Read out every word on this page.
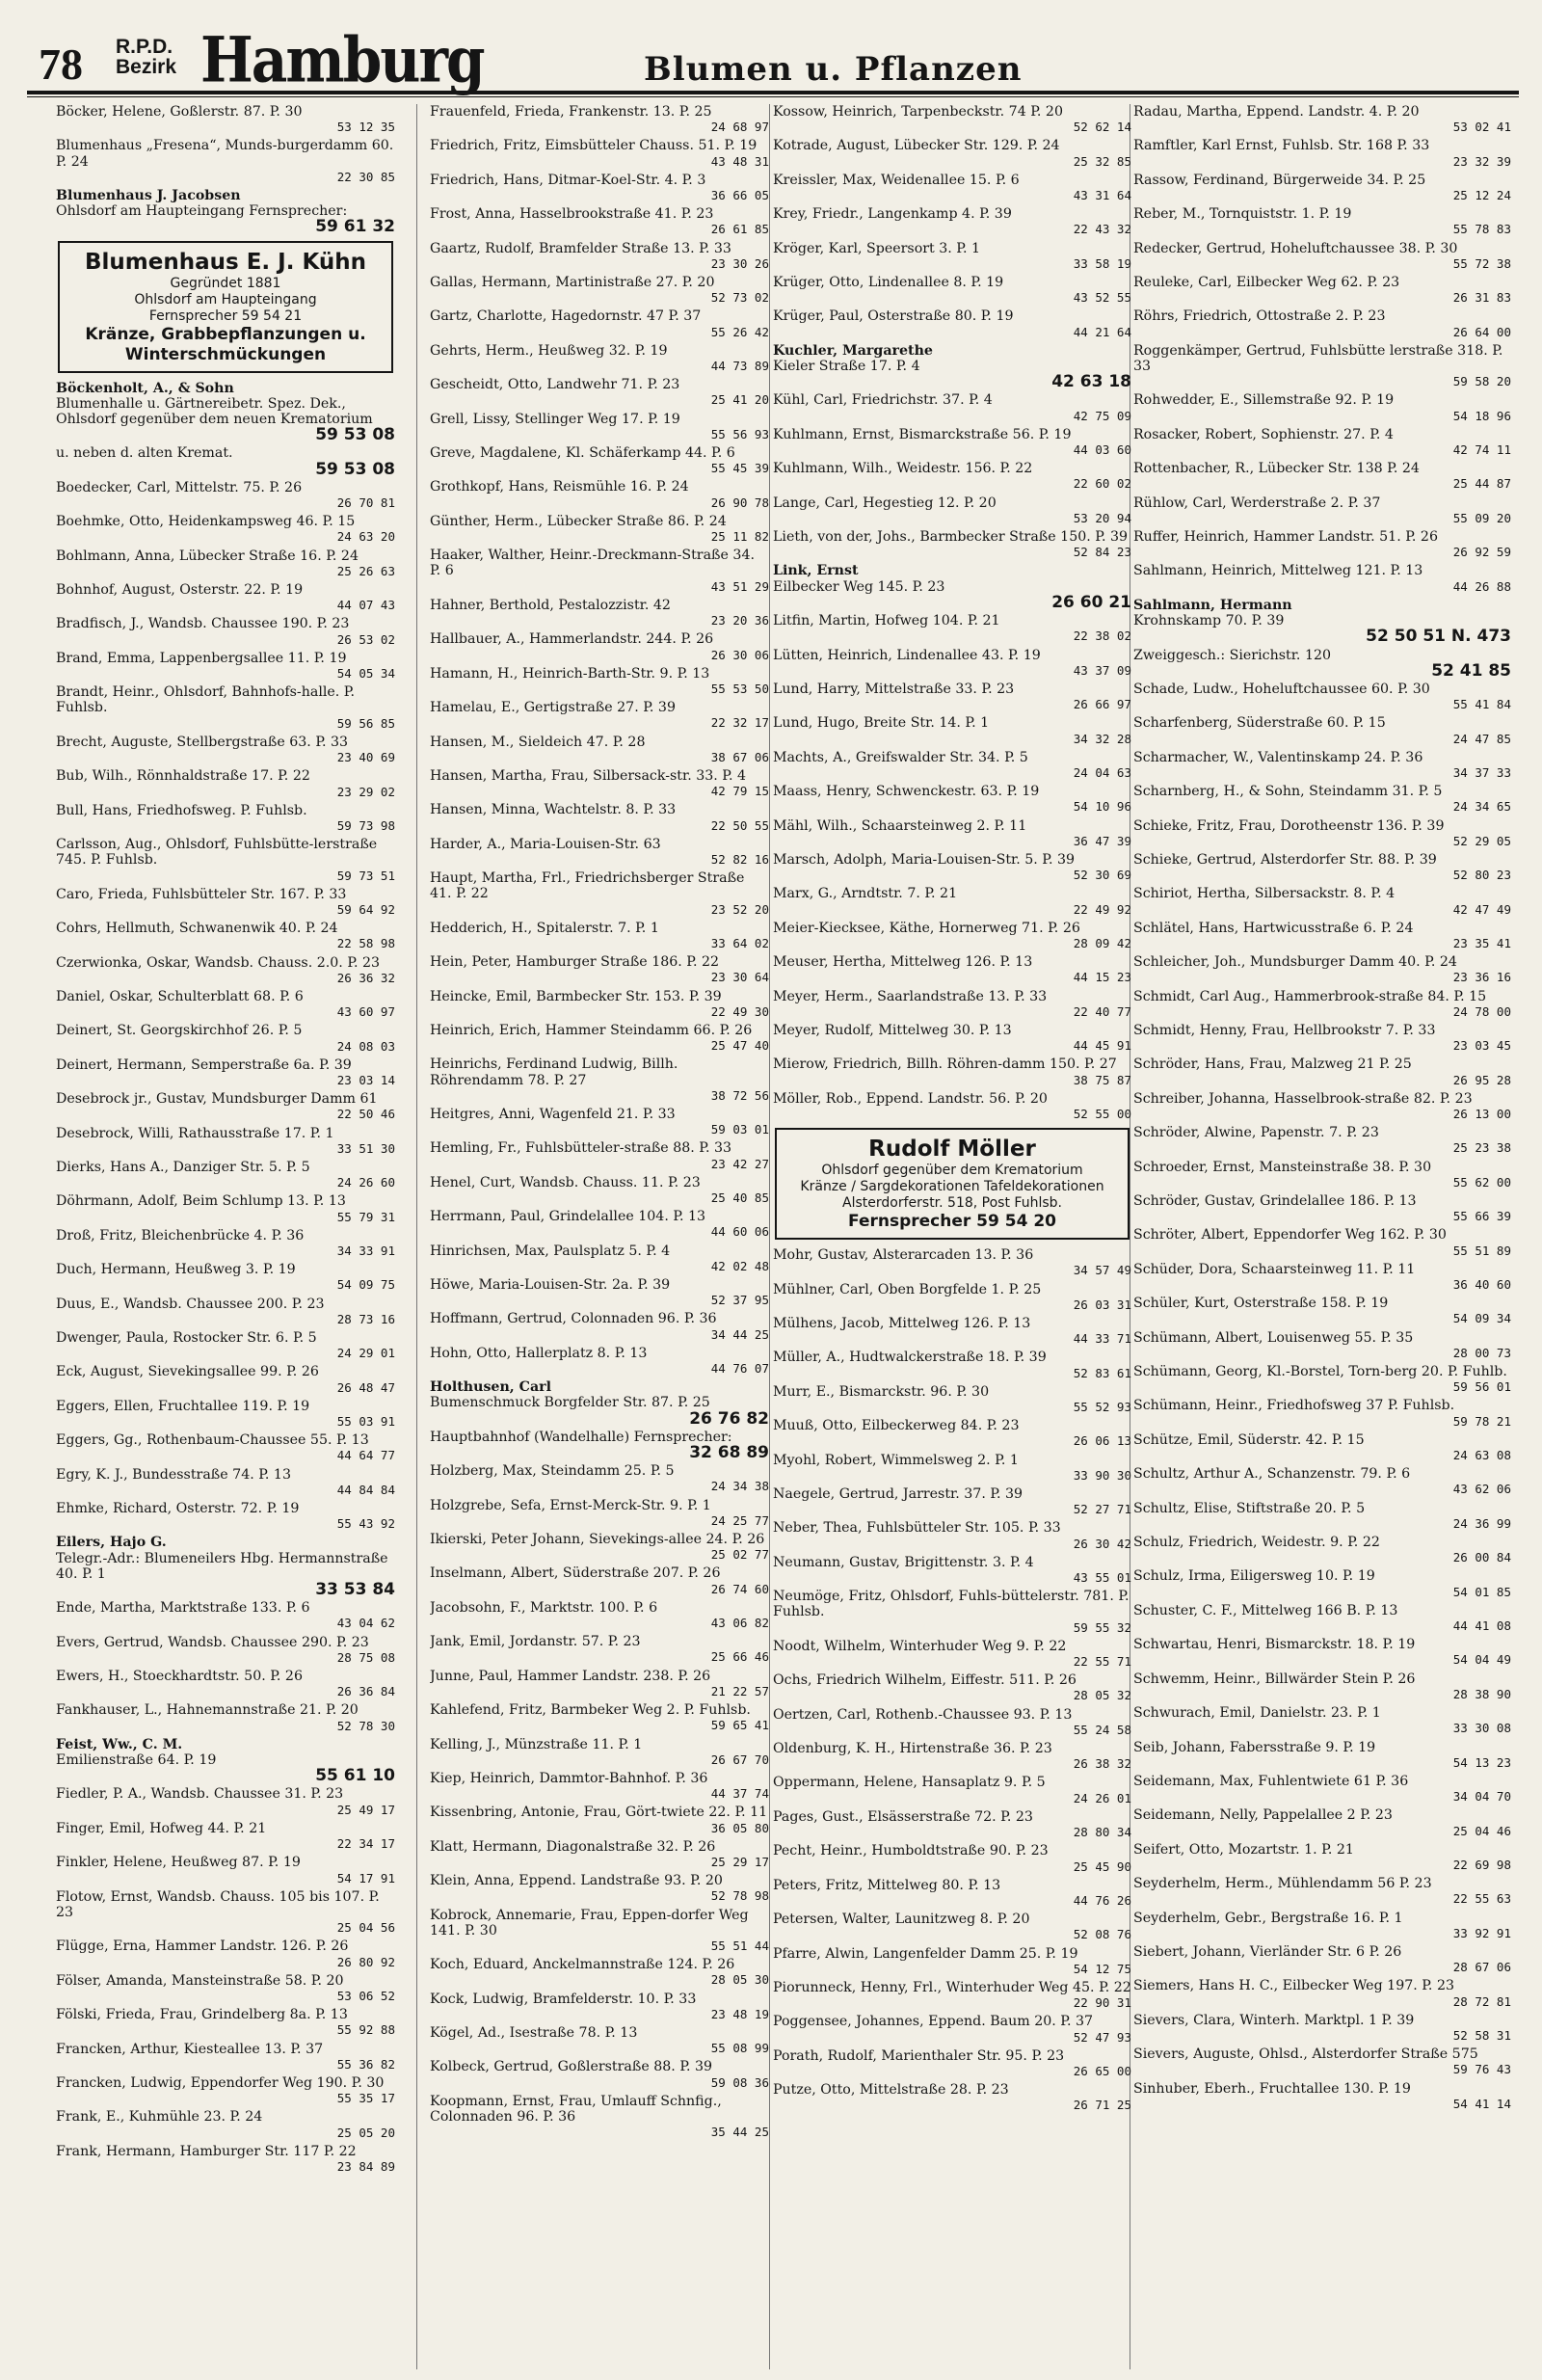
78 R.P.D.
Bezirk Hamburg	Blumen u. Pflanzen
Böcker, Helene, Goßlerstr. 87. P. 30
53 12 35
Blumenhaus „Fresena“, Munds-burgerdamm 60. P. 24
22 30 85
Blumenhaus J. Jacobsen
Ohlsdorf am Haupteingang Fernsprecher:
59 61 32
Blumenhaus E. J. Kühn
Gegründet 1881
Ohlsdorf am Haupteingang
Fernsprecher 59 54 21
Kränze, Grabbepflanzungen u. Winterschmückungen
Böckenholt, A., & Sohn
Blumenhalle u. Gärtnereibetr. Spez. Dek., Ohlsdorf gegenüber dem neuen Krematorium
59 53 08
u. neben d. alten Kremat.
59 53 08
Boedecker, Carl, Mittelstr. 75. P. 26
26 70 81
Boehmke, Otto, Heidenkampsweg 46. P. 15
24 63 20
Bohlmann, Anna, Lübecker Straße 16. P. 24
25 26 63
Bohnhof, August, Osterstr. 22. P. 19
44 07 43
Bradfisch, J., Wandsb. Chaussee 190. P. 23
26 53 02
Brand, Emma, Lappenbergsallee 11. P. 19
54 05 34
Brandt, Heinr., Ohlsdorf, Bahnhofs-halle. P. Fuhlsb.
59 56 85
Brecht, Auguste, Stellbergstraße 63. P. 33
23 40 69
Bub, Wilh., Rönnhaldstraße 17. P. 22
23 29 02
Bull, Hans, Friedhofsweg. P. Fuhlsb.
59 73 98
Carlsson, Aug., Ohlsdorf, Fuhlsbütte-lerstraße 745. P. Fuhlsb.
59 73 51
Caro, Frieda, Fuhlsbütteler Str. 167. P. 33
59 64 92
Cohrs, Hellmuth, Schwanenwik 40. P. 24
22 58 98
Czerwionka, Oskar, Wandsb. Chauss. 2.0. P. 23
26 36 32
Daniel, Oskar, Schulterblatt 68. P. 6
43 60 97
Deinert, St. Georgskirchhof 26. P. 5
24 08 03
Deinert, Hermann, Semperstraße 6a. P. 39
23 03 14
Desebrock jr., Gustav, Mundsburger Damm 61
22 50 46
Desebrock, Willi, Rathausstraße 17. P. 1
33 51 30
Dierks, Hans A., Danziger Str. 5. P. 5
24 26 60
Döhrmann, Adolf, Beim Schlump 13. P. 13
55 79 31
Droß, Fritz, Bleichenbrücke 4. P. 36
34 33 91
Duch, Hermann, Heußweg 3. P. 19
54 09 75
Duus, E., Wandsb. Chaussee 200. P. 23
28 73 16
Dwenger, Paula, Rostocker Str. 6. P. 5
24 29 01
Eck, August, Sievekingsallee 99. P. 26
26 48 47
Eggers, Ellen, Fruchtallee 119. P. 19
55 03 91
Eggers, Gg., Rothenbaum-Chaussee 55. P. 13
44 64 77
Egry, K. J., Bundesstraße 74. P. 13
44 84 84
Ehmke, Richard, Osterstr. 72. P. 19
55 43 92
Eilers, Hajo G.
Telegr.-Adr.: Blumeneilers Hbg. Hermannstraße 40. P. 1
33 53 84
Ende, Martha, Marktstraße 133. P. 6
43 04 62
Evers, Gertrud, Wandsb. Chaussee 290. P. 23
28 75 08
Ewers, H., Stoeckhardtstr. 50. P. 26
26 36 84
Fankhauser, L., Hahnemannstraße 21. P. 20
52 78 30
Feist, Ww., C. M.
Emilienstraße 64. P. 19
55 61 10
Fiedler, P. A., Wandsb. Chaussee 31. P. 23
25 49 17
Finger, Emil, Hofweg 44. P. 21
22 34 17
Finkler, Helene, Heußweg 87. P. 19
54 17 91
Flotow, Ernst, Wandsb. Chauss. 105 bis 107. P. 23
25 04 56
Flügge, Erna, Hammer Landstr. 126. P. 26
26 80 92
Fölser, Amanda, Mansteinstraße 58. P. 20
53 06 52
Fölski, Frieda, Frau, Grindelberg 8a. P. 13
55 92 88
Francken, Arthur, Kiesteallee 13. P. 37
55 36 82
Francken, Ludwig, Eppendorfer Weg 190. P. 30
55 35 17
Frank, E., Kuhmühle 23. P. 24
25 05 20
Frank, Hermann, Hamburger Str. 117 P. 22
23 84 89
Frauenfeld, Frieda, Frankenstr. 13. P. 25
24 68 97
Friedrich, Fritz, Eimsbütteler Chauss. 51. P. 19
43 48 31
Friedrich, Hans, Ditmar-Koel-Str. 4. P. 3
36 66 05
Frost, Anna, Hasselbrookstraße 41. P. 23
26 61 85
Gaartz, Rudolf, Bramfelder Straße 13. P. 33
23 30 26
Gallas, Hermann, Martinistraße 27. P. 20
52 73 02
Gartz, Charlotte, Hagedornstr. 47 P. 37
55 26 42
Gehrts, Herm., Heußweg 32. P. 19
44 73 89
Gescheidt, Otto, Landwehr 71. P. 23
25 41 20
Grell, Lissy, Stellinger Weg 17. P. 19
55 56 93
Greve, Magdalene, Kl. Schäferkamp 44. P. 6
55 45 39
Grothkopf, Hans, Reismühle 16. P. 24
26 90 78
Günther, Herm., Lübecker Straße 86. P. 24
25 11 82
Haaker, Walther, Heinr.-Dreckmann-Straße 34. P. 6
43 51 29
Hahner, Berthold, Pestalozzistr. 42
23 20 36
Hallbauer, A., Hammerlandstr. 244. P. 26
26 30 06
Hamann, H., Heinrich-Barth-Str. 9. P. 13
55 53 50
Hamelau, E., Gertigstraße 27. P. 39
22 32 17
Hansen, M., Sieldeich 47. P. 28
38 67 06
Hansen, Martha, Frau, Silbersack-str. 33. P. 4
42 79 15
Hansen, Minna, Wachtelstr. 8. P. 33
22 50 55
Harder, A., Maria-Louisen-Str. 63
52 82 16
Haupt, Martha, Frl., Friedrichsberger Straße 41. P. 22
23 52 20
Hedderich, H., Spitalerstr. 7. P. 1
33 64 02
Hein, Peter, Hamburger Straße 186. P. 22
23 30 64
Heincke, Emil, Barmbecker Str. 153. P. 39
22 49 30
Heinrich, Erich, Hammer Steindamm 66. P. 26
25 47 40
Heinrichs, Ferdinand Ludwig, Billh. Röhrendamm 78. P. 27
38 72 56
Heitgres, Anni, Wagenfeld 21. P. 33
59 03 01
Hemling, Fr., Fuhlsbütteler-straße 88. P. 33
23 42 27
Henel, Curt, Wandsb. Chauss. 11. P. 23
25 40 85
Herrmann, Paul, Grindelallee 104. P. 13
44 60 06
Hinrichsen, Max, Paulsplatz 5. P. 4
42 02 48
Höwe, Maria-Louisen-Str. 2a. P. 39
52 37 95
Hoffmann, Gertrud, Colonnaden 96. P. 36
34 44 25
Hohn, Otto, Hallerplatz 8. P. 13
44 76 07
Holthusen, Carl
Bumenschmuck Borgfelder Str. 87. P. 25
26 76 82
Hauptbahnhof (Wandelhalle) Fernsprecher:
32 68 89
Holzberg, Max, Steindamm 25. P. 5
24 34 38
Holzgrebe, Sefa, Ernst-Merck-Str. 9. P. 1
24 25 77
Ikierski, Peter Johann, Sievekings-allee 24. P. 26
25 02 77
Inselmann, Albert, Süderstraße 207. P. 26
26 74 60
Jacobsohn, F., Marktstr. 100. P. 6
43 06 82
Jank, Emil, Jordanstr. 57. P. 23
25 66 46
Junne, Paul, Hammer Landstr. 238. P. 26
21 22 57
Kahlefend, Fritz, Barmbeker Weg 2. P. Fuhlsb.
59 65 41
Kelling, J., Münzstraße 11. P. 1
26 67 70
Kiep, Heinrich, Dammtor-Bahnhof. P. 36
44 37 74
Kissenbring, Antonie, Frau, Gört-twiete 22. P. 11
36 05 80
Klatt, Hermann, Diagonalstraße 32. P. 26
25 29 17
Klein, Anna, Eppend. Landstraße 93. P. 20
52 78 98
Kobrock, Annemarie, Frau, Eppen-dorfer Weg 141. P. 30
55 51 44
Koch, Eduard, Anckelmannstraße 124. P. 26
28 05 30
Kock, Ludwig, Bramfelderstr. 10. P. 33
23 48 19
Kögel, Ad., Isestraße 78. P. 13
55 08 99
Kolbeck, Gertrud, Goßlerstraße 88. P. 39
59 08 36
Koopmann, Ernst, Frau, Umlauff Schnfig., Colonnaden 96. P. 36
35 44 25
Kossow, Heinrich, Tarpenbeckstr. 74 P. 20
52 62 14
Kotrade, August, Lübecker Str. 129. P. 24
25 32 85
Kreissler, Max, Weidenallee 15. P. 6
43 31 64
Krey, Friedr., Langenkamp 4. P. 39
22 43 32
Kröger, Karl, Speersort 3. P. 1
33 58 19
Krüger, Otto, Lindenallee 8. P. 19
43 52 55
Krüger, Paul, Osterstraße 80. P. 19
44 21 64
Kuchler, Margarethe
Kieler Straße 17. P. 4
42 63 18
Kühl, Carl, Friedrichstr. 37. P. 4
42 75 09
Kuhlmann, Ernst, Bismarckstraße 56. P. 19
44 03 60
Kuhlmann, Wilh., Weidestr. 156. P. 22
22 60 02
Lange, Carl, Hegestieg 12. P. 20
53 20 94
Lieth, von der, Johs., Barmbecker Straße 150. P. 39
52 84 23
Link, Ernst
Eilbecker Weg 145. P. 23
26 60 21
Litfin, Martin, Hofweg 104. P. 21
22 38 02
Lütten, Heinrich, Lindenallee 43. P. 19
43 37 09
Lund, Harry, Mittelstraße 33. P. 23
26 66 97
Lund, Hugo, Breite Str. 14. P. 1
34 32 28
Machts, A., Greifswalder Str. 34. P. 5
24 04 63
Maass, Henry, Schwenckestr. 63. P. 19
54 10 96
Mähl, Wilh., Schaarsteinweg 2. P. 11
36 47 39
Marsch, Adolph, Maria-Louisen-Str. 5. P. 39
52 30 69
Marx, G., Arndtstr. 7. P. 21
22 49 92
Meier-Kiecksee, Käthe, Hornerweg 71. P. 26
28 09 42
Meuser, Hertha, Mittelweg 126. P. 13
44 15 23
Meyer, Herm., Saarlandstraße 13. P. 33
22 40 77
Meyer, Rudolf, Mittelweg 30. P. 13
44 45 91
Mierow, Friedrich, Billh. Röhren-damm 150. P. 27
38 75 87
Möller, Rob., Eppend. Landstr. 56. P. 20
52 55 00
Rudolf Möller
Ohlsdorf gegenüber dem Krematorium
Kränze / Sargdekorationen Tafeldekorationen
Alsterdorferstr. 518, Post Fuhlsb.
Fernsprecher 59 54 20
Mohr, Gustav, Alsterarcaden 13. P. 36
34 57 49
Mühlner, Carl, Oben Borgfelde 1. P. 25
26 03 31
Mülhens, Jacob, Mittelweg 126. P. 13
44 33 71
Müller, A., Hudtwalckerstraße 18. P. 39
52 83 61
Murr, E., Bismarckstr. 96. P. 30
55 52 93
Muuß, Otto, Eilbeckerweg 84. P. 23
26 06 13
Myohl, Robert, Wimmelsweg 2. P. 1
33 90 30
Naegele, Gertrud, Jarrestr. 37. P. 39
52 27 71
Neber, Thea, Fuhlsbütteler Str. 105. P. 33
26 30 42
Neumann, Gustav, Brigittenstr. 3. P. 4
43 55 01
Neumöge, Fritz, Ohlsdorf, Fuhls-büttelerstr. 781. P. Fuhlsb.
59 55 32
Noodt, Wilhelm, Winterhuder Weg 9. P. 22
22 55 71
Ochs, Friedrich Wilhelm, Eiffestr. 511. P. 26
28 05 32
Oertzen, Carl, Rothenb.-Chaussee 93. P. 13
55 24 58
Oldenburg, K. H., Hirtenstraße 36. P. 23
26 38 32
Oppermann, Helene, Hansaplatz 9. P. 5
24 26 01
Pages, Gust., Elsässerstraße 72. P. 23
28 80 34
Pecht, Heinr., Humboldtstraße 90. P. 23
25 45 90
Peters, Fritz, Mittelweg 80. P. 13
44 76 26
Petersen, Walter, Launitzweg 8. P. 20
52 08 76
Pfarre, Alwin, Langenfelder Damm 25. P. 19
54 12 75
Piorunneck, Henny, Frl., Winterhuder Weg 45. P. 22
22 90 31
Poggensee, Johannes, Eppend. Baum 20. P. 37
52 47 93
Porath, Rudolf, Marienthaler Str. 95. P. 23
26 65 00
Putze, Otto, Mittelstraße 28. P. 23
26 71 25
Radau, Martha, Eppend. Landstr. 4. P. 20
53 02 41
Ramftler, Karl Ernst, Fuhlsb. Str. 168 P. 33
23 32 39
Rassow, Ferdinand, Bürgerweide 34. P. 25
25 12 24
Reber, M., Tornquiststr. 1. P. 19
55 78 83
Redecker, Gertrud, Hoheluftchaussee 38. P. 30
55 72 38
Reuleke, Carl, Eilbecker Weg 62. P. 23
26 31 83
Röhrs, Friedrich, Ottostraße 2. P. 23
26 64 00
Roggenkämper, Gertrud, Fuhlsbütte lerstraße 318. P. 33
59 58 20
Rohwedder, E., Sillemstraße 92. P. 19
54 18 96
Rosacker, Robert, Sophienstr. 27. P. 4
42 74 11
Rottenbacher, R., Lübecker Str. 138 P. 24
25 44 87
Rühlow, Carl, Werderstraße 2. P. 37
55 09 20
Ruffer, Heinrich, Hammer Landstr. 51. P. 26
26 92 59
Sahlmann, Heinrich, Mittelweg 121. P. 13
44 26 88
Sahlmann, Hermann
Krohnskamp 70. P. 39
52 50 51 N. 473
Zweiggesch.: Sierichstr. 120
52 41 85
Schade, Ludw., Hoheluftchaussee 60. P. 30
55 41 84
Scharfenberg, Süderstraße 60. P. 15
24 47 85
Scharmacher, W., Valentinskamp 24. P. 36
34 37 33
Scharnberg, H., & Sohn, Steindamm 31. P. 5
24 34 65
Schieke, Fritz, Frau, Dorotheenstr 136. P. 39
52 29 05
Schieke, Gertrud, Alsterdorfer Str. 88. P. 39
52 80 23
Schiriot, Hertha, Silbersackstr. 8. P. 4
42 47 49
Schlätel, Hans, Hartwicusstraße 6. P. 24
23 35 41
Schleicher, Joh., Mundsburger Damm 40. P. 24
23 36 16
Schmidt, Carl Aug., Hammerbrook-straße 84. P. 15
24 78 00
Schmidt, Henny, Frau, Hellbrookstr 7. P. 33
23 03 45
Schröder, Hans, Frau, Malzweg 21 P. 25
26 95 28
Schreiber, Johanna, Hasselbrook-straße 82. P. 23
26 13 00
Schröder, Alwine, Papenstr. 7. P. 23
25 23 38
Schroeder, Ernst, Mansteinstraße 38. P. 30
55 62 00
Schröder, Gustav, Grindelallee 186. P. 13
55 66 39
Schröter, Albert, Eppendorfer Weg 162. P. 30
55 51 89
Schüder, Dora, Schaarsteinweg 11. P. 11
36 40 60
Schüler, Kurt, Osterstraße 158. P. 19
54 09 34
Schümann, Albert, Louisenweg 55. P. 35
28 00 73
Schümann, Georg, Kl.-Borstel, Torn-berg 20. P. Fuhlb.
59 56 01
Schümann, Heinr., Friedhofsweg 37 P. Fuhlsb.
59 78 21
Schütze, Emil, Süderstr. 42. P. 15
24 63 08
Schultz, Arthur A., Schanzenstr. 79. P. 6
43 62 06
Schultz, Elise, Stiftstraße 20. P. 5
24 36 99
Schulz, Friedrich, Weidestr. 9. P. 22
26 00 84
Schulz, Irma, Eiligersweg 10. P. 19
54 01 85
Schuster, C. F., Mittelweg 166 B. P. 13
44 41 08
Schwartau, Henri, Bismarckstr. 18. P. 19
54 04 49
Schwemm, Heinr., Billwärder Stein P. 26
28 38 90
Schwurach, Emil, Danielstr. 23. P. 1
33 30 08
Seib, Johann, Fabersstraße 9. P. 19
54 13 23
Seidemann, Max, Fuhlentwiete 61 P. 36
34 04 70
Seidemann, Nelly, Pappelallee 2 P. 23
25 04 46
Seifert, Otto, Mozartstr. 1. P. 21
22 69 98
Seyderhelm, Herm., Mühlendamm 56 P. 23
22 55 63
Seyderhelm, Gebr., Bergstraße 16. P. 1
33 92 91
Siebert, Johann, Vierländer Str. 6 P. 26
28 67 06
Siemers, Hans H. C., Eilbecker Weg 197. P. 23
28 72 81
Sievers, Clara, Winterh. Marktpl. 1 P. 39
52 58 31
Sievers, Auguste, Ohlsd., Alsterdorfer Straße 575
59 76 43
Sinhuber, Eberh., Fruchtallee 130. P. 19
54 41 14
